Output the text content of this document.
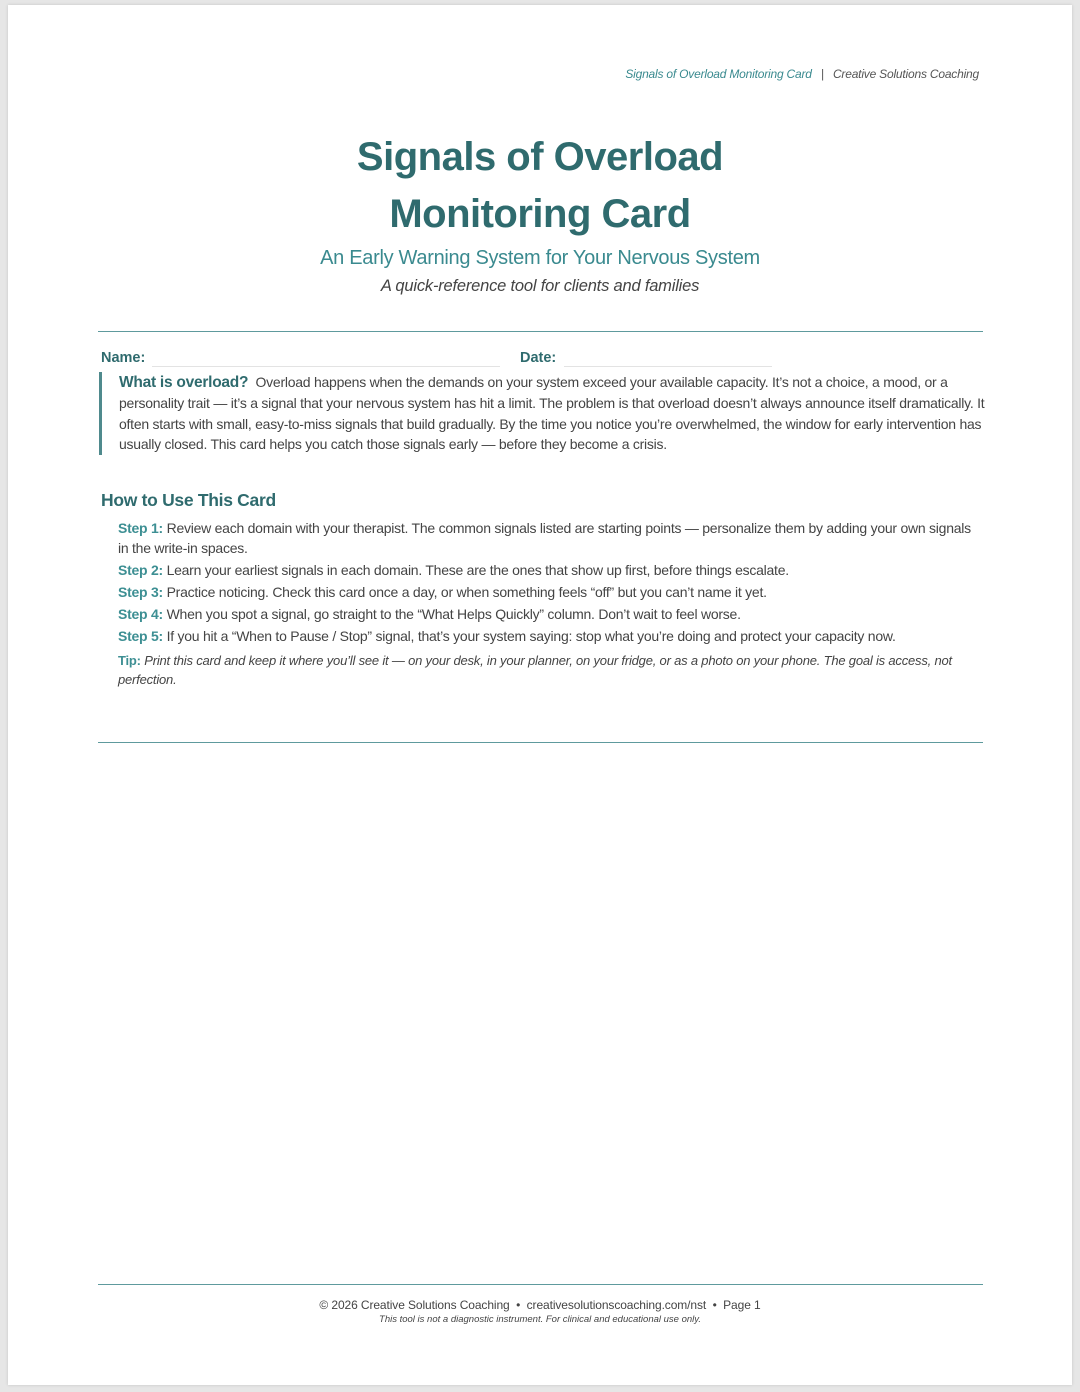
Signals of Overload Monitoring Card | Creative Solutions Coaching
Signals of Overload
Monitoring Card
An Early Warning System for Your Nervous System
A quick-reference tool for clients and families
Name:	Date:
What is overload? Overload happens when the demands on your system exceed your available capacity. It’s not a choice, a mood, or a personality trait — it’s a signal that your nervous system has hit a limit. The problem is that overload doesn’t always announce itself dramatically. It often starts with small, easy-to-miss signals that build gradually. By the time you notice you’re overwhelmed, the window for early intervention has usually closed. This card helps you catch those signals early — before they become a crisis.
How to Use This Card
Step 1: Review each domain with your therapist. The common signals listed are starting points — personalize them by adding your own signals in the write-in spaces.
Step 2: Learn your earliest signals in each domain. These are the ones that show up first, before things escalate.
Step 3: Practice noticing. Check this card once a day, or when something feels “off” but you can’t name it yet.
Step 4: When you spot a signal, go straight to the “What Helps Quickly” column. Don’t wait to feel worse.
Step 5: If you hit a “When to Pause / Stop” signal, that’s your system saying: stop what you’re doing and protect your capacity now.
Tip: Print this card and keep it where you’ll see it — on your desk, in your planner, on your fridge, or as a photo on your phone. The goal is access, not perfection.
© 2026 Creative Solutions Coaching  •  creativesolutionscoaching.com/nst  •  Page 1
This tool is not a diagnostic instrument. For clinical and educational use only.
